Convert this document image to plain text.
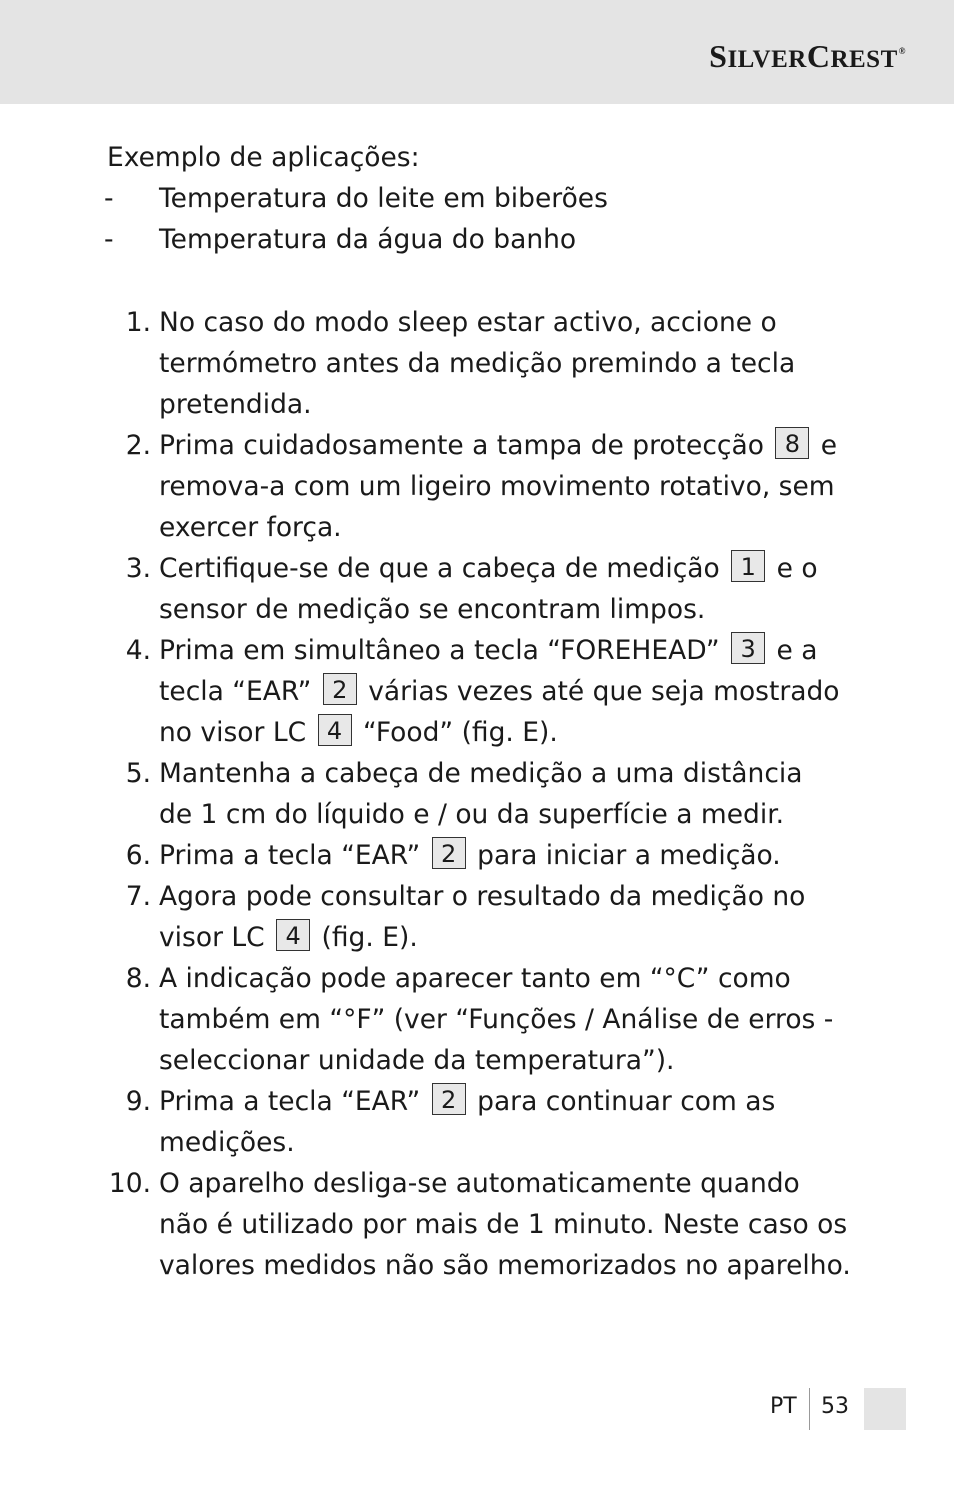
SILVERCREST®
Exemplo de aplicações:
- Temperatura do leite em biberões
- Temperatura da água do banho
1. No caso do modo sleep estar activo, accione o
termómetro antes da medição premindo a tecla
pretendida.
2. Prima cuidadosamente a tampa de protecção 8 e
remova-a com um ligeiro movimento rotativo, sem
exercer força.
3. Certifique-se de que a cabeça de medição 1 e o
sensor de medição se encontram limpos.
4. Prima em simultâneo a tecla “FOREHEAD” 3 e a
tecla “EAR” 2 várias vezes até que seja mostrado
no visor LC 4 “Food” (fig. E).
5. Mantenha a cabeça de medição a uma distância
de 1 cm do líquido e / ou da superfície a medir.
6. Prima a tecla “EAR” 2 para iniciar a medição.
7. Agora pode consultar o resultado da medição no
visor LC 4 (fig. E).
8. A indicação pode aparecer tanto em “°C” como
também em “°F” (ver “Funções / Análise de erros -
seleccionar unidade da temperatura”).
9. Prima a tecla “EAR” 2 para continuar com as
medições.
10. O aparelho desliga-se automaticamente quando
não é utilizado por mais de 1 minuto. Neste caso os
valores medidos não são memorizados no aparelho.
PT 53
